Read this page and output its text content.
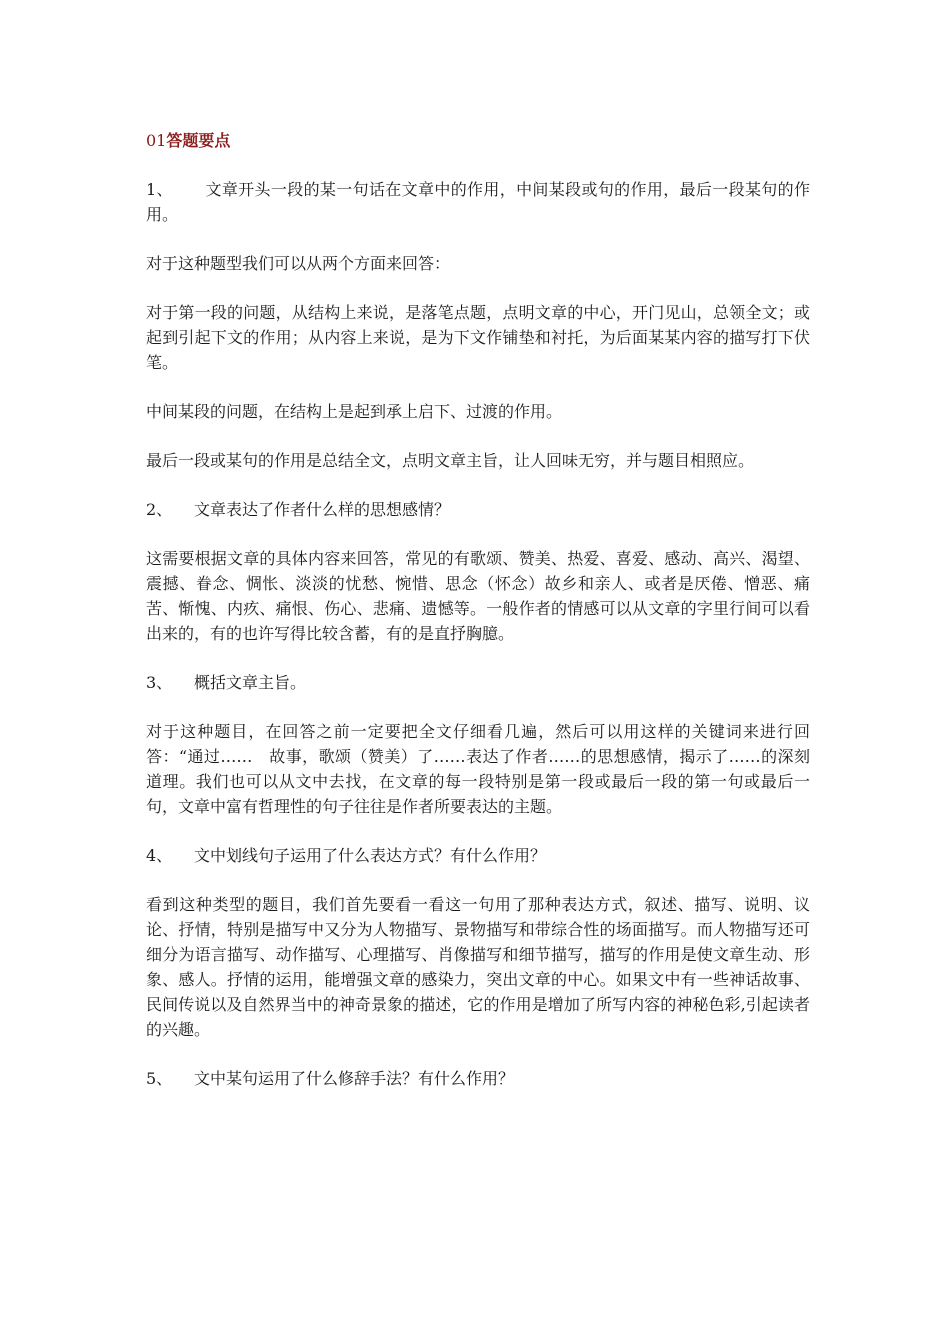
01答题要点
1、 文章开头一段的某一句话在文章中的作用，中间某段或句的作用，最后一段某句的作用。
对于这种题型我们可以从两个方面来回答：
对于第一段的问题，从结构上来说，是落笔点题，点明文章的中心，开门见山，总领全文；或起到引起下文的作用；从内容上来说，是为下文作铺垫和衬托，为后面某某内容的描写打下伏笔。
中间某段的问题，在结构上是起到承上启下、过渡的作用。
最后一段或某句的作用是总结全文，点明文章主旨，让人回味无穷，并与题目相照应。
2、 文章表达了作者什么样的思想感情？
这需要根据文章的具体内容来回答，常见的有歌颂、赞美、热爱、喜爱、感动、高兴、渴望、震撼、眷念、惆怅、淡淡的忧愁、惋惜、思念（怀念）故乡和亲人、或者是厌倦、憎恶、痛苦、惭愧、内疚、痛恨、伤心、悲痛、遗憾等。一般作者的情感可以从文章的字里行间可以看出来的，有的也许写得比较含蓄，有的是直抒胸臆。
3、 概括文章主旨。
对于这种题目，在回答之前一定要把全文仔细看几遍，然后可以用这样的关键词来进行回答：“通过……　故事，歌颂（赞美）了……表达了作者……的思想感情，揭示了……的深刻道理。我们也可以从文中去找，在文章的每一段特别是第一段或最后一段的第一句或最后一句，文章中富有哲理性的句子往往是作者所要表达的主题。
4、 文中划线句子运用了什么表达方式？有什么作用？
看到这种类型的题目，我们首先要看一看这一句用了那种表达方式，叙述、描写、说明、议论、抒情，特别是描写中又分为人物描写、景物描写和带综合性的场面描写。而人物描写还可细分为语言描写、动作描写、心理描写、肖像描写和细节描写，描写的作用是使文章生动、形象、感人。抒情的运用，能增强文章的感染力，突出文章的中心。如果文中有一些神话故事、民间传说以及自然界当中的神奇景象的描述，它的作用是增加了所写内容的神秘色彩,引起读者的兴趣。
5、 文中某句运用了什么修辞手法？有什么作用？
